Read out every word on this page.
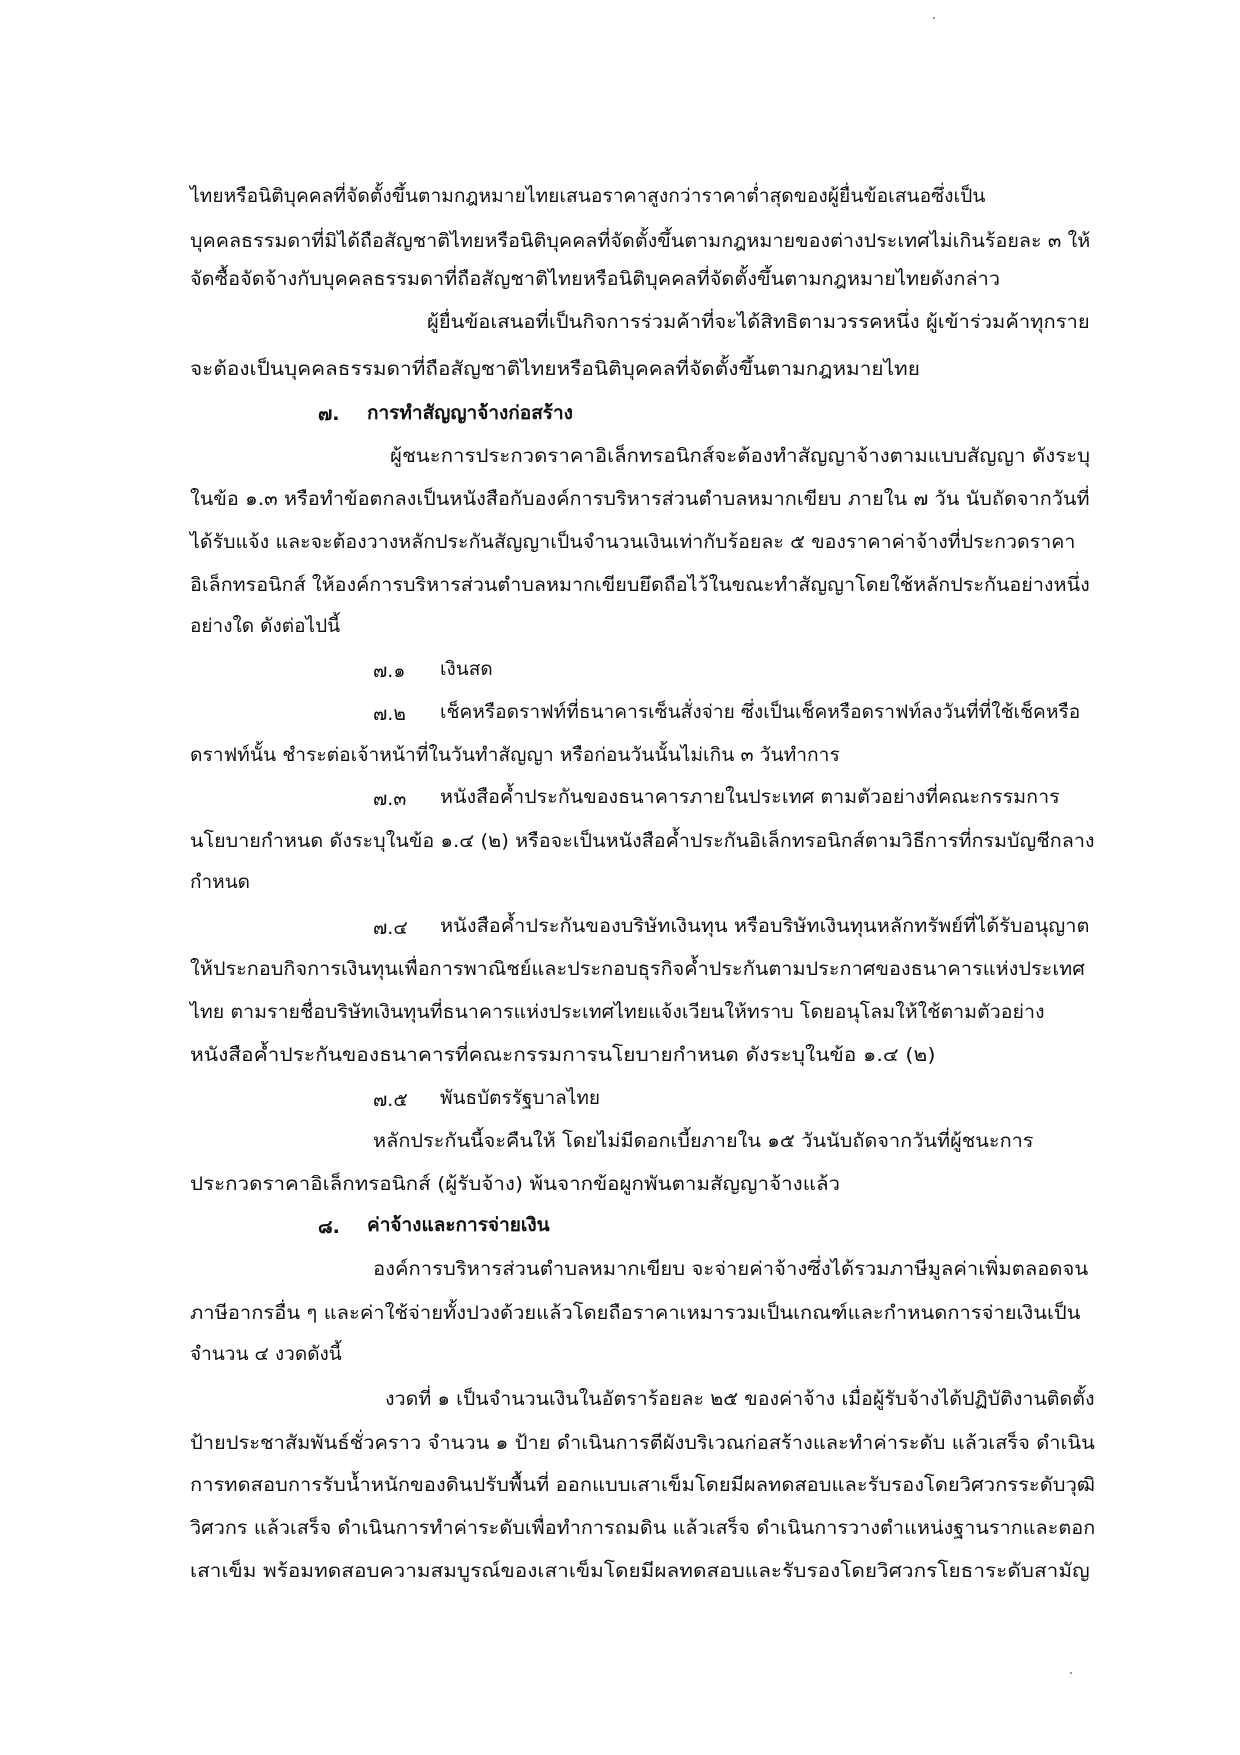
ไทยหรือนิติบุคคลที่จัดตั้งขึ้นตามกฎหมายไทยเสนอราคาสูงกว่าราคาต่ำสุดของผู้ยื่นข้อเสนอซึ่งเป็น
บุคคลธรรมดาที่มิได้ถือสัญชาติไทยหรือนิติบุคคลที่จัดตั้งขึ้นตามกฎหมายของต่างประเทศไม่เกินร้อยละ ๓ ให้
จัดซื้อจัดจ้างกับบุคคลธรรมดาที่ถือสัญชาติไทยหรือนิติบุคคลที่จัดตั้งขึ้นตามกฎหมายไทยดังกล่าว
ผู้ยื่นข้อเสนอที่เป็นกิจการร่วมค้าที่จะได้สิทธิตามวรรคหนึ่ง ผู้เข้าร่วมค้าทุกราย
จะต้องเป็นบุคคลธรรมดาที่ถือสัญชาติไทยหรือนิติบุคคลที่จัดตั้งขึ้นตามกฎหมายไทย
๗. การทำสัญญาจ้างก่อสร้าง
ผู้ชนะการประกวดราคาอิเล็กทรอนิกส์จะต้องทำสัญญาจ้างตามแบบสัญญา ดังระบุ
ในข้อ ๑.๓ หรือทำข้อตกลงเป็นหนังสือกับองค์การบริหารส่วนตำบลหมากเขียบ ภายใน ๗ วัน นับถัดจากวันที่
ได้รับแจ้ง และจะต้องวางหลักประกันสัญญาเป็นจำนวนเงินเท่ากับร้อยละ ๕ ของราคาค่าจ้างที่ประกวดราคา
อิเล็กทรอนิกส์ ให้องค์การบริหารส่วนตำบลหมากเขียบยึดถือไว้ในขณะทำสัญญาโดยใช้หลักประกันอย่างหนึ่ง
อย่างใด ดังต่อไปนี้
๗.๑ เงินสด
๗.๒ เช็คหรือดราฟท์ที่ธนาคารเซ็นสั่งจ่าย ซึ่งเป็นเช็คหรือดราฟท์ลงวันที่ที่ใช้เช็คหรือ
ดราฟท์นั้น ชำระต่อเจ้าหน้าที่ในวันทำสัญญา หรือก่อนวันนั้นไม่เกิน ๓ วันทำการ
๗.๓ หนังสือค้ำประกันของธนาคารภายในประเทศ ตามตัวอย่างที่คณะกรรมการ
นโยบายกำหนด ดังระบุในข้อ ๑.๔ (๒) หรือจะเป็นหนังสือค้ำประกันอิเล็กทรอนิกส์ตามวิธีการที่กรมบัญชีกลาง
กำหนด
๗.๔ หนังสือค้ำประกันของบริษัทเงินทุน หรือบริษัทเงินทุนหลักทรัพย์ที่ได้รับอนุญาต
ให้ประกอบกิจการเงินทุนเพื่อการพาณิชย์และประกอบธุรกิจค้ำประกันตามประกาศของธนาคารแห่งประเทศ
ไทย ตามรายชื่อบริษัทเงินทุนที่ธนาคารแห่งประเทศไทยแจ้งเวียนให้ทราบ โดยอนุโลมให้ใช้ตามตัวอย่าง
หนังสือค้ำประกันของธนาคารที่คณะกรรมการนโยบายกำหนด ดังระบุในข้อ ๑.๔ (๒)
๗.๕ พันธบัตรรัฐบาลไทย
หลักประกันนี้จะคืนให้ โดยไม่มีดอกเบี้ยภายใน ๑๕ วันนับถัดจากวันที่ผู้ชนะการ
ประกวดราคาอิเล็กทรอนิกส์ (ผู้รับจ้าง) พ้นจากข้อผูกพันตามสัญญาจ้างแล้ว
๘. ค่าจ้างและการจ่ายเงิน
องค์การบริหารส่วนตำบลหมากเขียบ จะจ่ายค่าจ้างซึ่งได้รวมภาษีมูลค่าเพิ่มตลอดจน
ภาษีอากรอื่น ๆ และค่าใช้จ่ายทั้งปวงด้วยแล้วโดยถือราคาเหมารวมเป็นเกณฑ์และกำหนดการจ่ายเงินเป็น
จำนวน ๔ งวดดังนี้
งวดที่ ๑ เป็นจำนวนเงินในอัตราร้อยละ ๒๕ ของค่าจ้าง เมื่อผู้รับจ้างได้ปฏิบัติงานติดตั้ง
ป้ายประชาสัมพันธ์ชั่วคราว จำนวน ๑ ป้าย ดำเนินการตีผังบริเวณก่อสร้างและทำค่าระดับ แล้วเสร็จ ดำเนิน
การทดสอบการรับน้ำหนักของดินปรับพื้นที่ ออกแบบเสาเข็มโดยมีผลทดสอบและรับรองโดยวิศวกรระดับวุฒิ
วิศวกร แล้วเสร็จ ดำเนินการทำค่าระดับเพื่อทำการถมดิน แล้วเสร็จ ดำเนินการวางตำแหน่งฐานรากและตอก
เสาเข็ม พร้อมทดสอบความสมบูรณ์ของเสาเข็มโดยมีผลทดสอบและรับรองโดยวิศวกรโยธาระดับสามัญ
